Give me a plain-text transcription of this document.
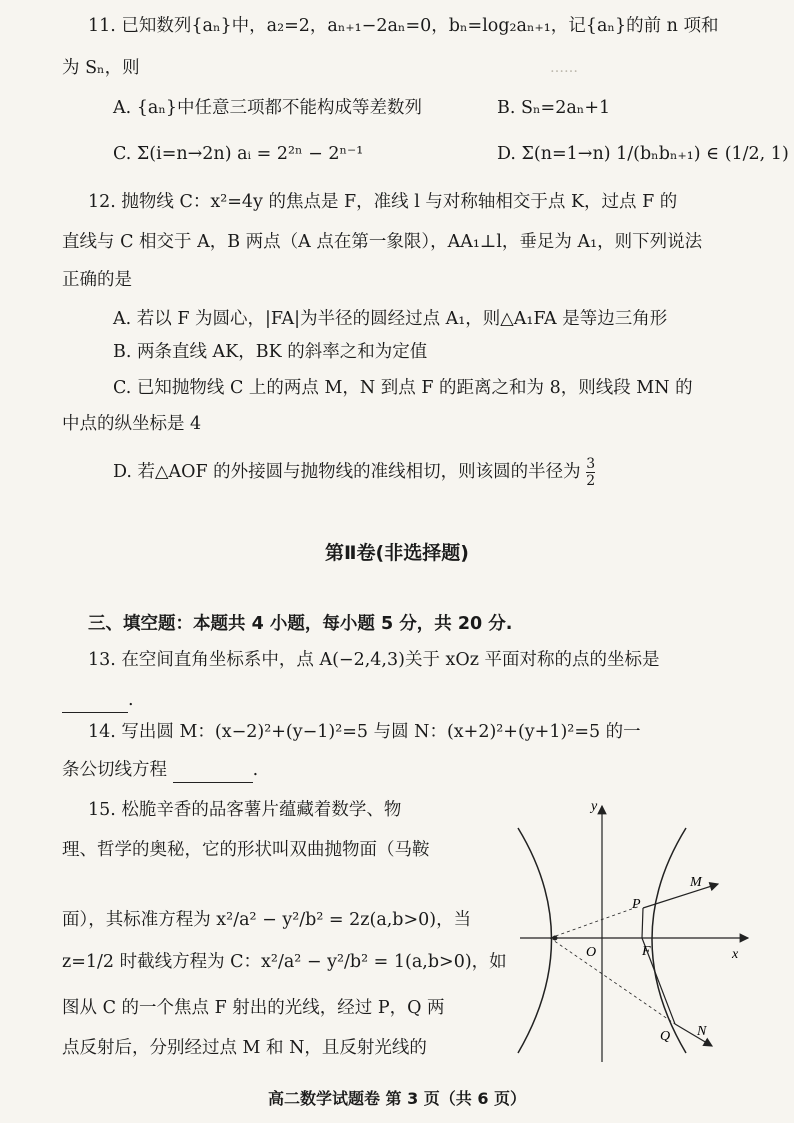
……
11. 已知数列{aₙ}中，a₂=2，aₙ₊₁−2aₙ=0，bₙ=log₂aₙ₊₁，记{aₙ}的前 n 项和
为 Sₙ，则
A. {aₙ}中任意三项都不能构成等差数列	B. Sₙ=2aₙ+1
C. Σ(i=n→2n) aᵢ = 2²ⁿ − 2ⁿ⁻¹	D. Σ(n=1→n) 1/(bₙbₙ₊₁) ∈ (1/2, 1)
12. 抛物线 C：x²=4y 的焦点是 F，准线 l 与对称轴相交于点 K，过点 F 的
直线与 C 相交于 A，B 两点（A 点在第一象限），AA₁⊥l，垂足为 A₁，则下列说法
正确的是
A. 若以 F 为圆心，|FA|为半径的圆经过点 A₁，则△A₁FA 是等边三角形
B. 两条直线 AK，BK 的斜率之和为定值
C. 已知抛物线 C 上的两点 M，N 到点 F 的距离之和为 8，则线段 MN 的
中点的纵坐标是 4
D. 若△AOF 的外接圆与抛物线的准线相切，则该圆的半径为 $\frac{3}{2}$
第Ⅱ卷(非选择题)
三、填空题：本题共 4 小题，每小题 5 分，共 20 分.
13. 在空间直角坐标系中，点 A(−2,4,3)关于 xOz 平面对称的点的坐标是
.
14. 写出圆 M：(x−2)²+(y−1)²=5 与圆 N：(x+2)²+(y+1)²=5 的一
条公切线方程	.
15. 松脆辛香的品客薯片蕴藏着数学、物
理、哲学的奥秘，它的形状叫双曲抛物面（马鞍
面），其标准方程为 x²/a² − y²/b² = 2z(a,b>0)，当
z=1/2 时截线方程为 C：x²/a² − y²/b² = 1(a,b>0)，如
图从 C 的一个焦点 F 射出的光线，经过 P，Q 两
点反射后，分别经过点 M 和 N，且反射光线的
y
x
O	F
P
Q
M
N
高二数学试题卷 第 3 页（共 6 页）
